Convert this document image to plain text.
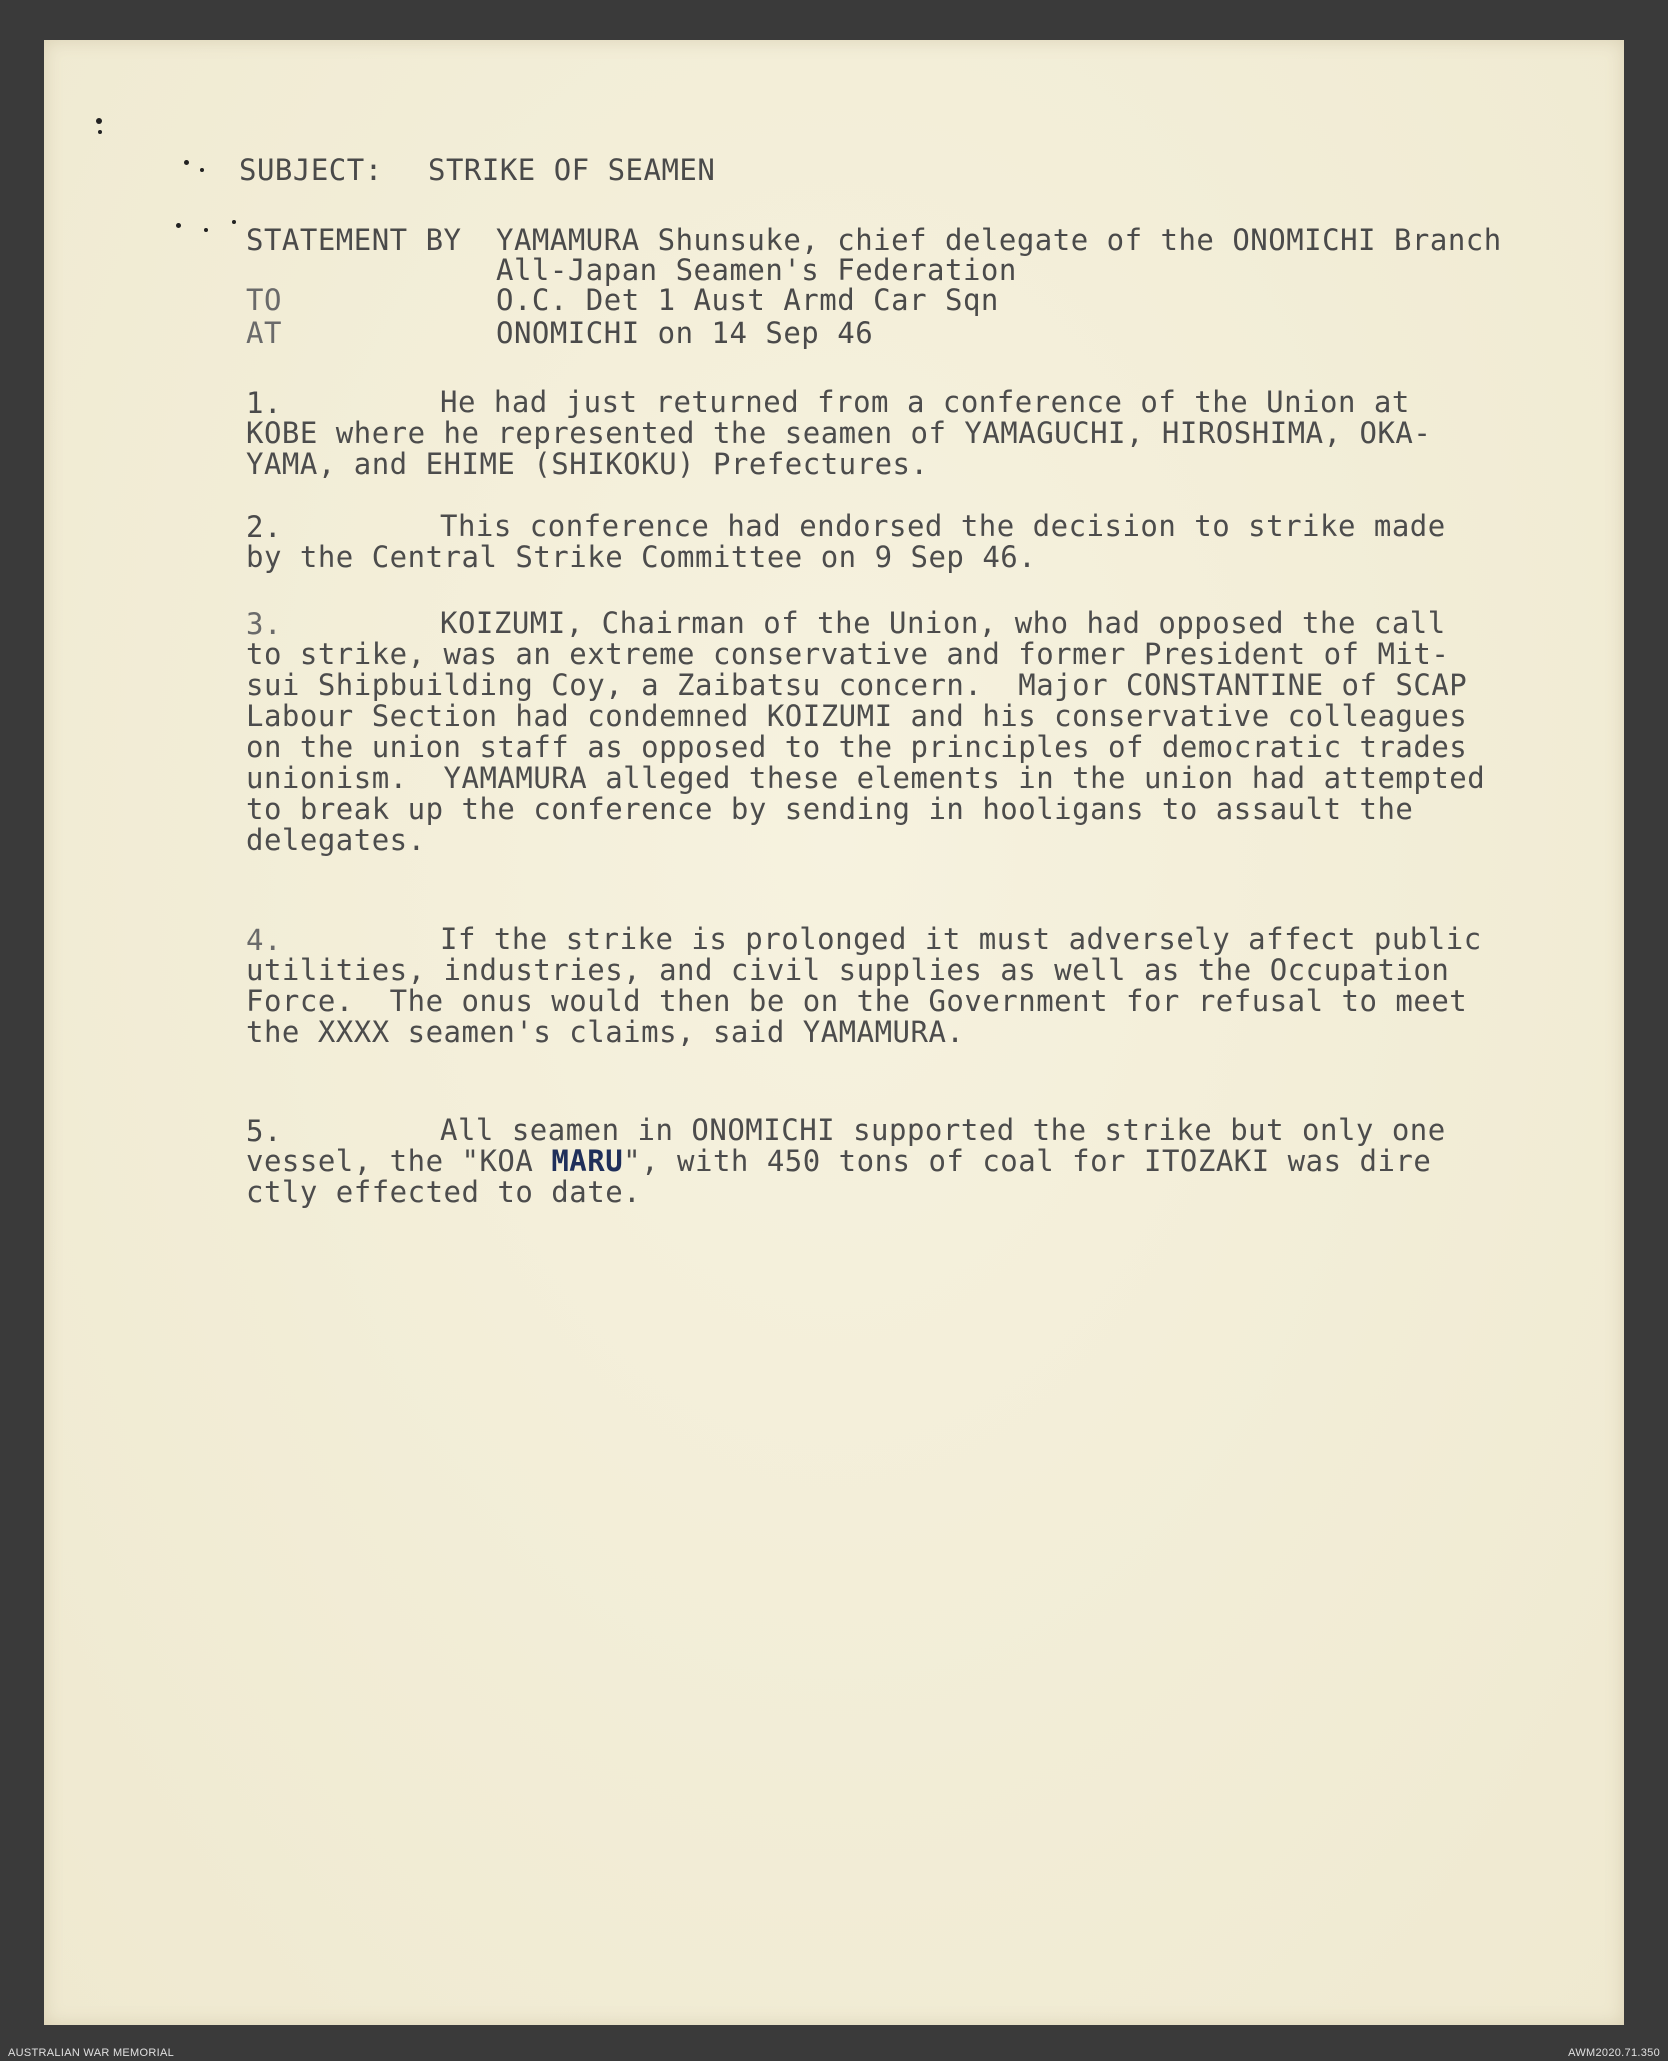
SUBJECT: STRIKE OF SEAMEN
STATEMENT BY YAMAMURA Shunsuke, chief delegate of the ONOMICHI Branch
All-Japan Seamen's Federation
TO	O.C. Det 1 Aust Armd Car Sqn
AT	ONOMICHI on 14 Sep 46
1.	He had just returned from a conference of the Union at
KOBE where he represented the seamen of YAMAGUCHI, HIROSHIMA, OKA-
YAMA, and EHIME (SHIKOKU) Prefectures.
2.	This conference had endorsed the decision to strike made
by the Central Strike Committee on 9 Sep 46.
3.	KOIZUMI, Chairman of the Union, who had opposed the call
to strike, was an extreme conservative and former President of Mit-
sui Shipbuilding Coy, a Zaibatsu concern.  Major CONSTANTINE of SCAP
Labour Section had condemned KOIZUMI and his conservative colleagues
on the union staff as opposed to the principles of democratic trades
unionism.  YAMAMURA alleged these elements in the union had attempted
to break up the conference by sending in hooligans to assault the
delegates.
4.	If the strike is prolonged it must adversely affect public
utilities, industries, and civil supplies as well as the Occupation
Force.  The onus would then be on the Government for refusal to meet
the XXXX seamen's claims, said YAMAMURA.
5.	All seamen in ONOMICHI supported the strike but only one
vessel, the "KOA MARU", with 450 tons of coal for ITOZAKI was dire
ctly effected to date.
AUSTRALIAN WAR MEMORIAL	AWM2020.71.350
